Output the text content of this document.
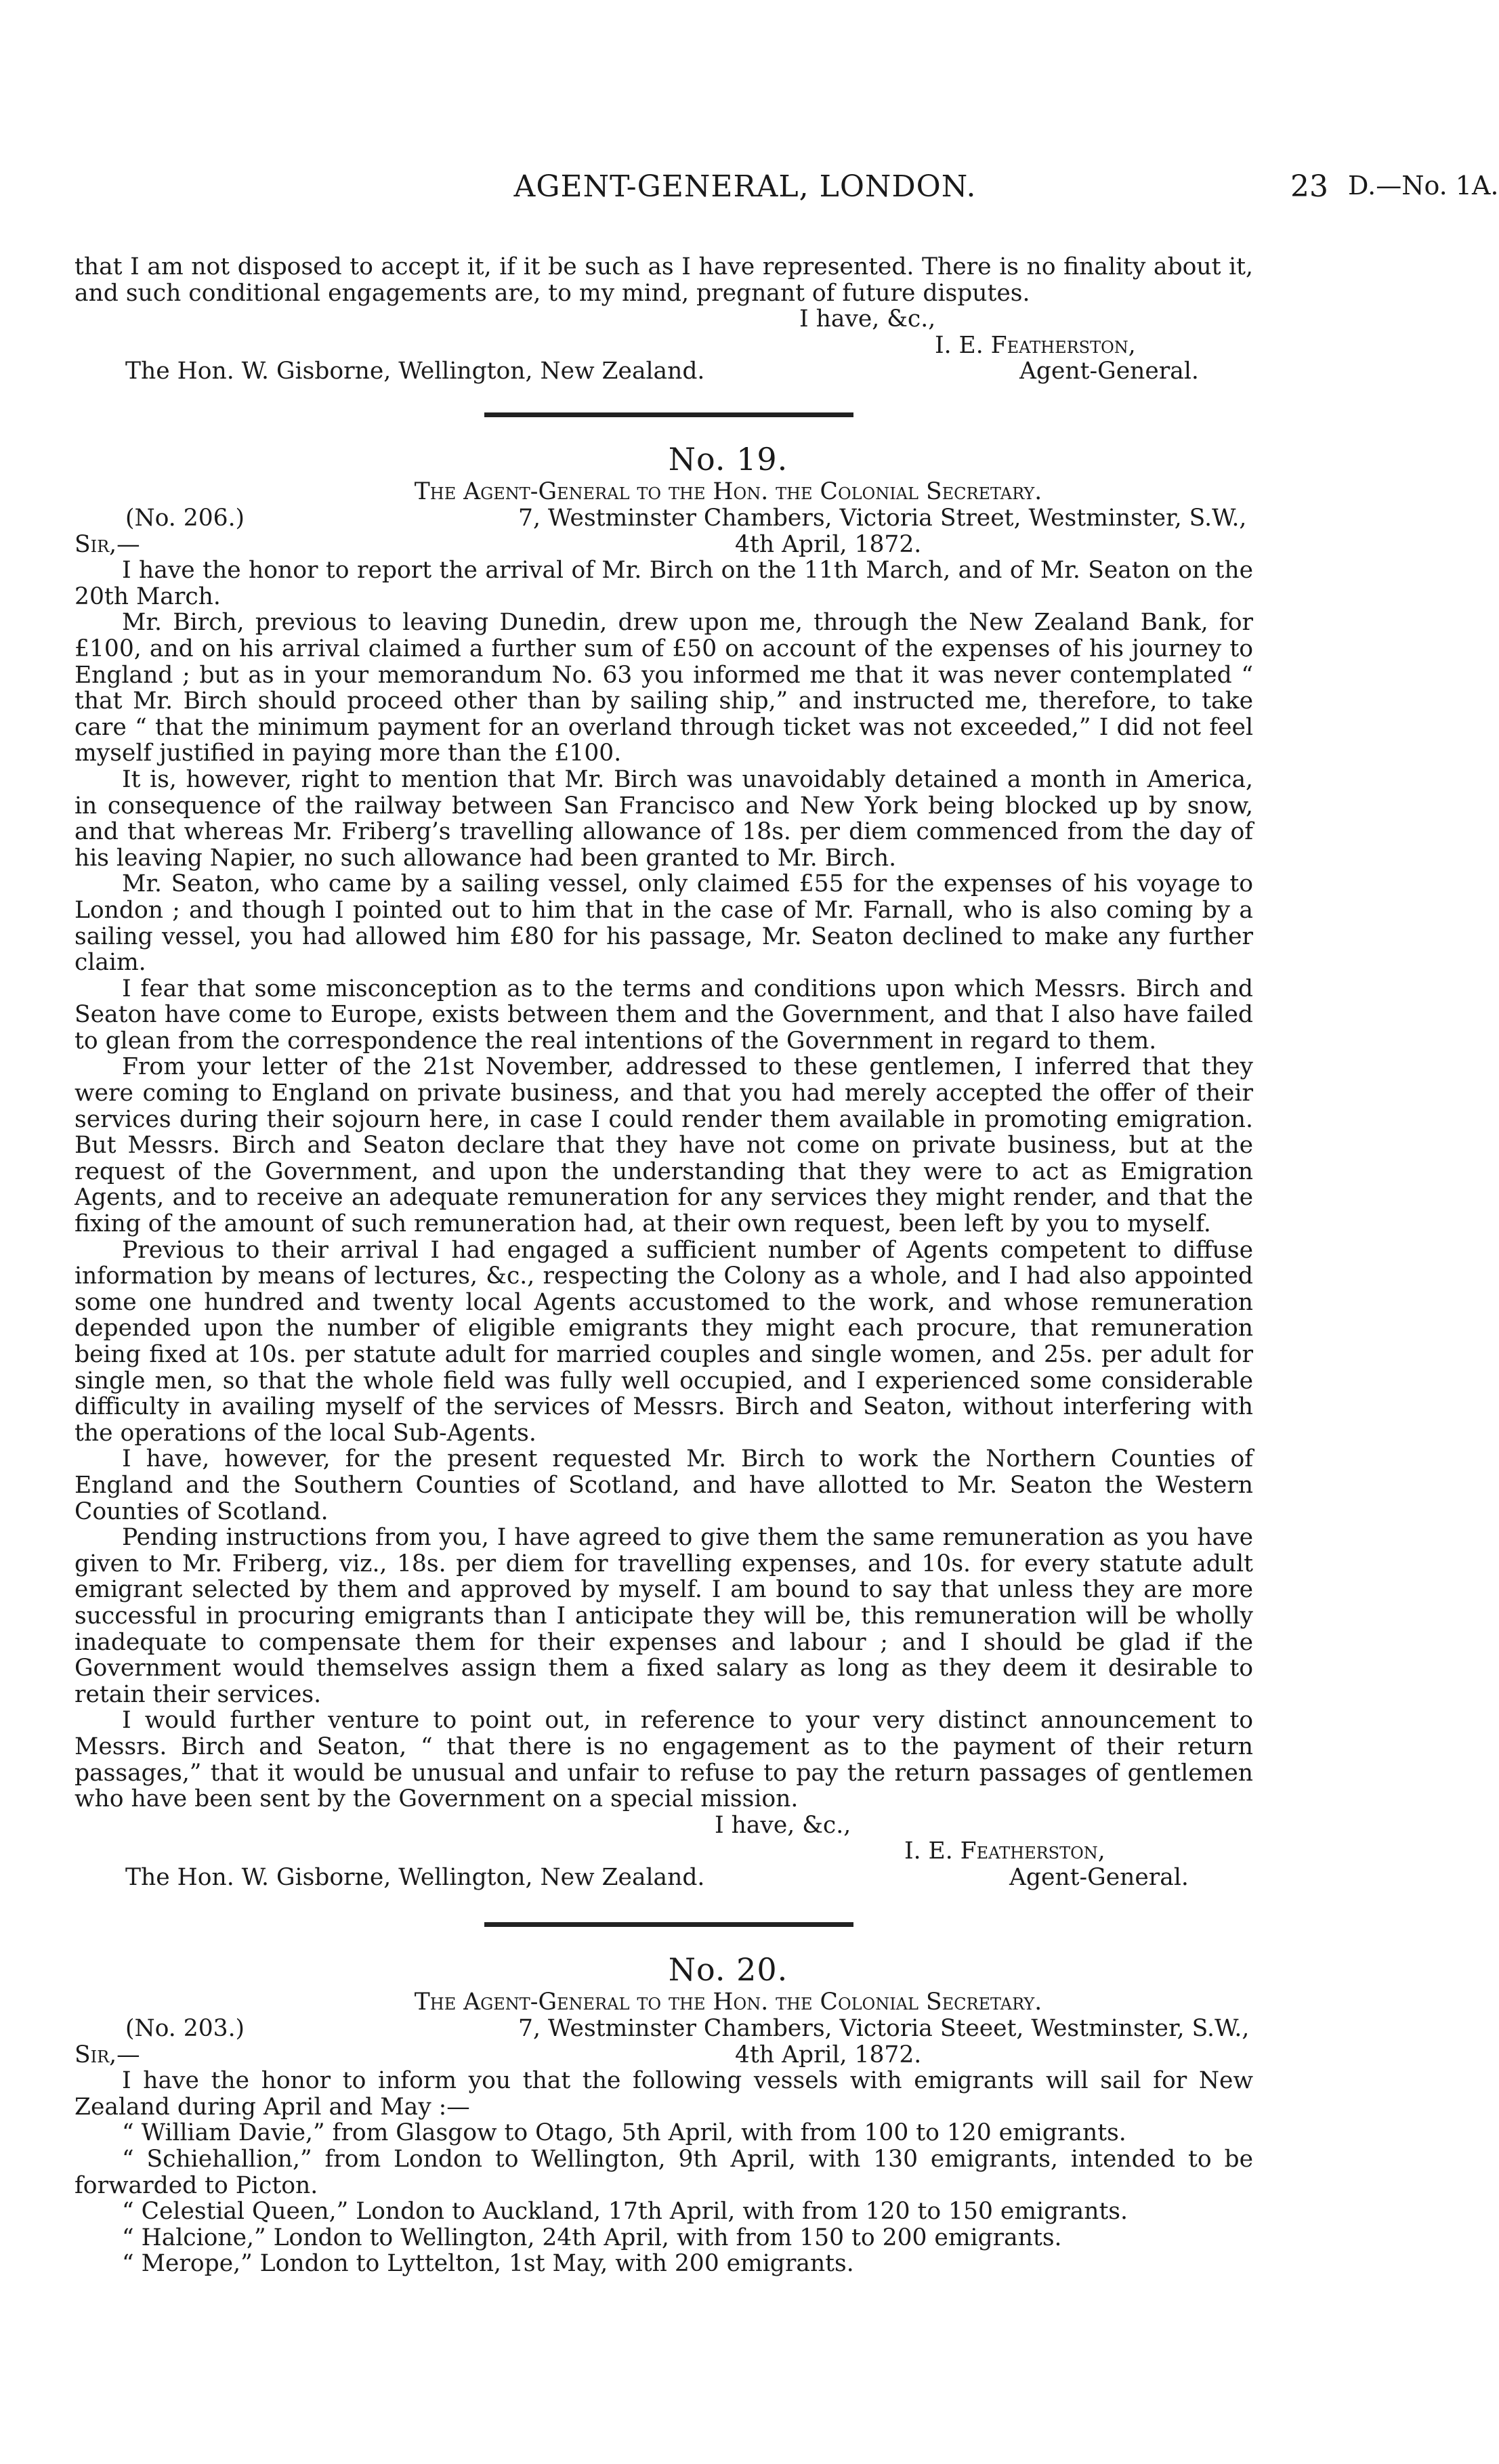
AGENT-GENERAL, LONDON.	23 D.—No. 1A.
that I am not disposed to accept it, if it be such as I have represented. There is no finality about it, and such conditional engagements are, to my mind, pregnant of future disputes.
I have, &c.,
I. E. Featherston,
The Hon. W. Gisborne, Wellington, New Zealand.	Agent-General.
No. 19.
The Agent-General to the Hon. the Colonial Secretary.
(No. 206.)	7, Westminster Chambers, Victoria Street, Westminster, S.W.,
Sir,—	4th April, 1872.
I have the honor to report the arrival of Mr. Birch on the 11th March, and of Mr. Seaton on the 20th March.
Mr. Birch, previous to leaving Dunedin, drew upon me, through the New Zealand Bank, for £100, and on his arrival claimed a further sum of £50 on account of the expenses of his journey to England ; but as in your memorandum No. 63 you informed me that it was never contemplated “ that Mr. Birch should proceed other than by sailing ship,” and instructed me, therefore, to take care “ that the minimum payment for an overland through ticket was not exceeded,” I did not feel myself justified in paying more than the £100.
It is, however, right to mention that Mr. Birch was unavoidably detained a month in America, in consequence of the railway between San Francisco and New York being blocked up by snow, and that whereas Mr. Friberg’s travelling allowance of 18s. per diem commenced from the day of his leaving Napier, no such allowance had been granted to Mr. Birch.
Mr. Seaton, who came by a sailing vessel, only claimed £55 for the expenses of his voyage to London ; and though I pointed out to him that in the case of Mr. Farnall, who is also coming by a sailing vessel, you had allowed him £80 for his passage, Mr. Seaton declined to make any further claim.
I fear that some misconception as to the terms and conditions upon which Messrs. Birch and Seaton have come to Europe, exists between them and the Government, and that I also have failed to glean from the correspondence the real intentions of the Government in regard to them.
From your letter of the 21st November, addressed to these gentlemen, I inferred that they were coming to England on private business, and that you had merely accepted the offer of their services during their sojourn here, in case I could render them available in promoting emigration. But Messrs. Birch and Seaton declare that they have not come on private business, but at the request of the Government, and upon the understanding that they were to act as Emigration Agents, and to receive an adequate remuneration for any services they might render, and that the fixing of the amount of such remuneration had, at their own request, been left by you to myself.
Previous to their arrival I had engaged a sufficient number of Agents competent to diffuse information by means of lectures, &c., respecting the Colony as a whole, and I had also appointed some one hundred and twenty local Agents accustomed to the work, and whose remuneration depended upon the number of eligible emigrants they might each procure, that remuneration being fixed at 10s. per statute adult for married couples and single women, and 25s. per adult for single men, so that the whole field was fully well occupied, and I experienced some considerable difficulty in availing myself of the services of Messrs. Birch and Seaton, without interfering with the operations of the local Sub-Agents.
I have, however, for the present requested Mr. Birch to work the Northern Counties of England and the Southern Counties of Scotland, and have allotted to Mr. Seaton the Western Counties of Scotland.
Pending instructions from you, I have agreed to give them the same remuneration as you have given to Mr. Friberg, viz., 18s. per diem for travelling expenses, and 10s. for every statute adult emigrant selected by them and approved by myself. I am bound to say that unless they are more successful in procuring emigrants than I anticipate they will be, this remuneration will be wholly inadequate to compensate them for their expenses and labour ; and I should be glad if the Government would themselves assign them a fixed salary as long as they deem it desirable to retain their services.
I would further venture to point out, in reference to your very distinct announcement to Messrs. Birch and Seaton, “ that there is no engagement as to the payment of their return passages,” that it would be unusual and unfair to refuse to pay the return passages of gentlemen who have been sent by the Government on a special mission.
I have, &c.,
I. E. Featherston,
The Hon. W. Gisborne, Wellington, New Zealand.	Agent-General.
No. 20.
The Agent-General to the Hon. the Colonial Secretary.
(No. 203.)	7, Westminster Chambers, Victoria Steeet, Westminster, S.W.,
Sir,—	4th April, 1872.
I have the honor to inform you that the following vessels with emigrants will sail for New Zealand during April and May :—
“ William Davie,” from Glasgow to Otago, 5th April, with from 100 to 120 emigrants.
“ Schiehallion,” from London to Wellington, 9th April, with 130 emigrants, intended to be forwarded to Picton.
“ Celestial Queen,” London to Auckland, 17th April, with from 120 to 150 emigrants.
“ Halcione,” London to Wellington, 24th April, with from 150 to 200 emigrants.
“ Merope,” London to Lyttelton, 1st May, with 200 emigrants.
